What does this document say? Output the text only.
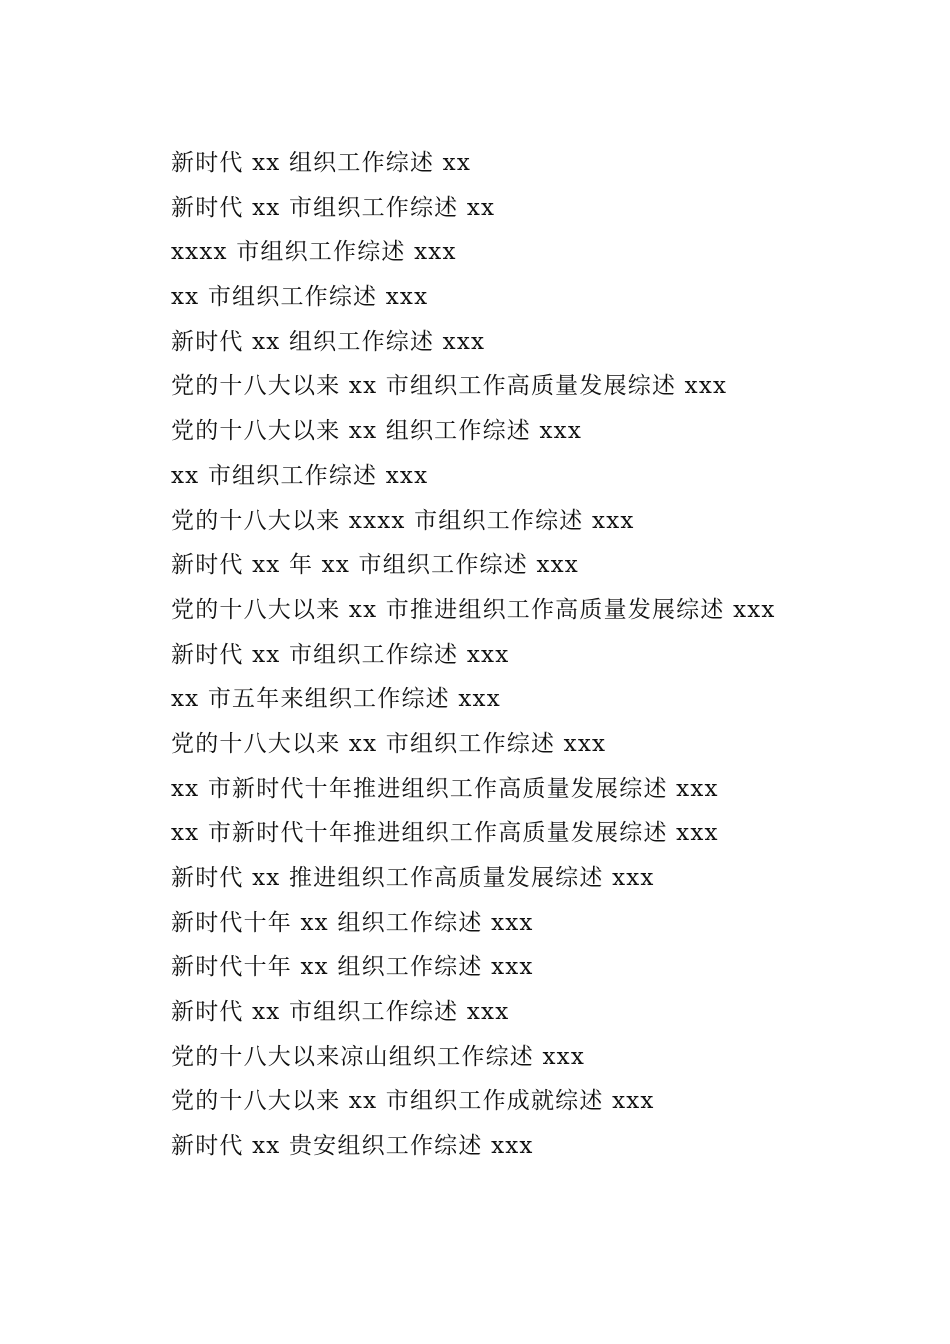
新时代 xx 组织工作综述 xx
新时代 xx 市组织工作综述 xx
xxxx 市组织工作综述 xxx
xx 市组织工作综述 xxx
新时代 xx 组织工作综述 xxx
党的十八大以来 xx 市组织工作高质量发展综述 xxx
党的十八大以来 xx 组织工作综述 xxx
xx 市组织工作综述 xxx
党的十八大以来 xxxx 市组织工作综述 xxx
新时代 xx 年 xx 市组织工作综述 xxx
党的十八大以来 xx 市推进组织工作高质量发展综述 xxx
新时代 xx 市组织工作综述 xxx
xx 市五年来组织工作综述 xxx
党的十八大以来 xx 市组织工作综述 xxx
xx 市新时代十年推进组织工作高质量发展综述 xxx
xx 市新时代十年推进组织工作高质量发展综述 xxx
新时代 xx 推进组织工作高质量发展综述 xxx
新时代十年 xx 组织工作综述 xxx
新时代十年 xx 组织工作综述 xxx
新时代 xx 市组织工作综述 xxx
党的十八大以来凉山组织工作综述 xxx
党的十八大以来 xx 市组织工作成就综述 xxx
新时代 xx 贵安组织工作综述 xxx
